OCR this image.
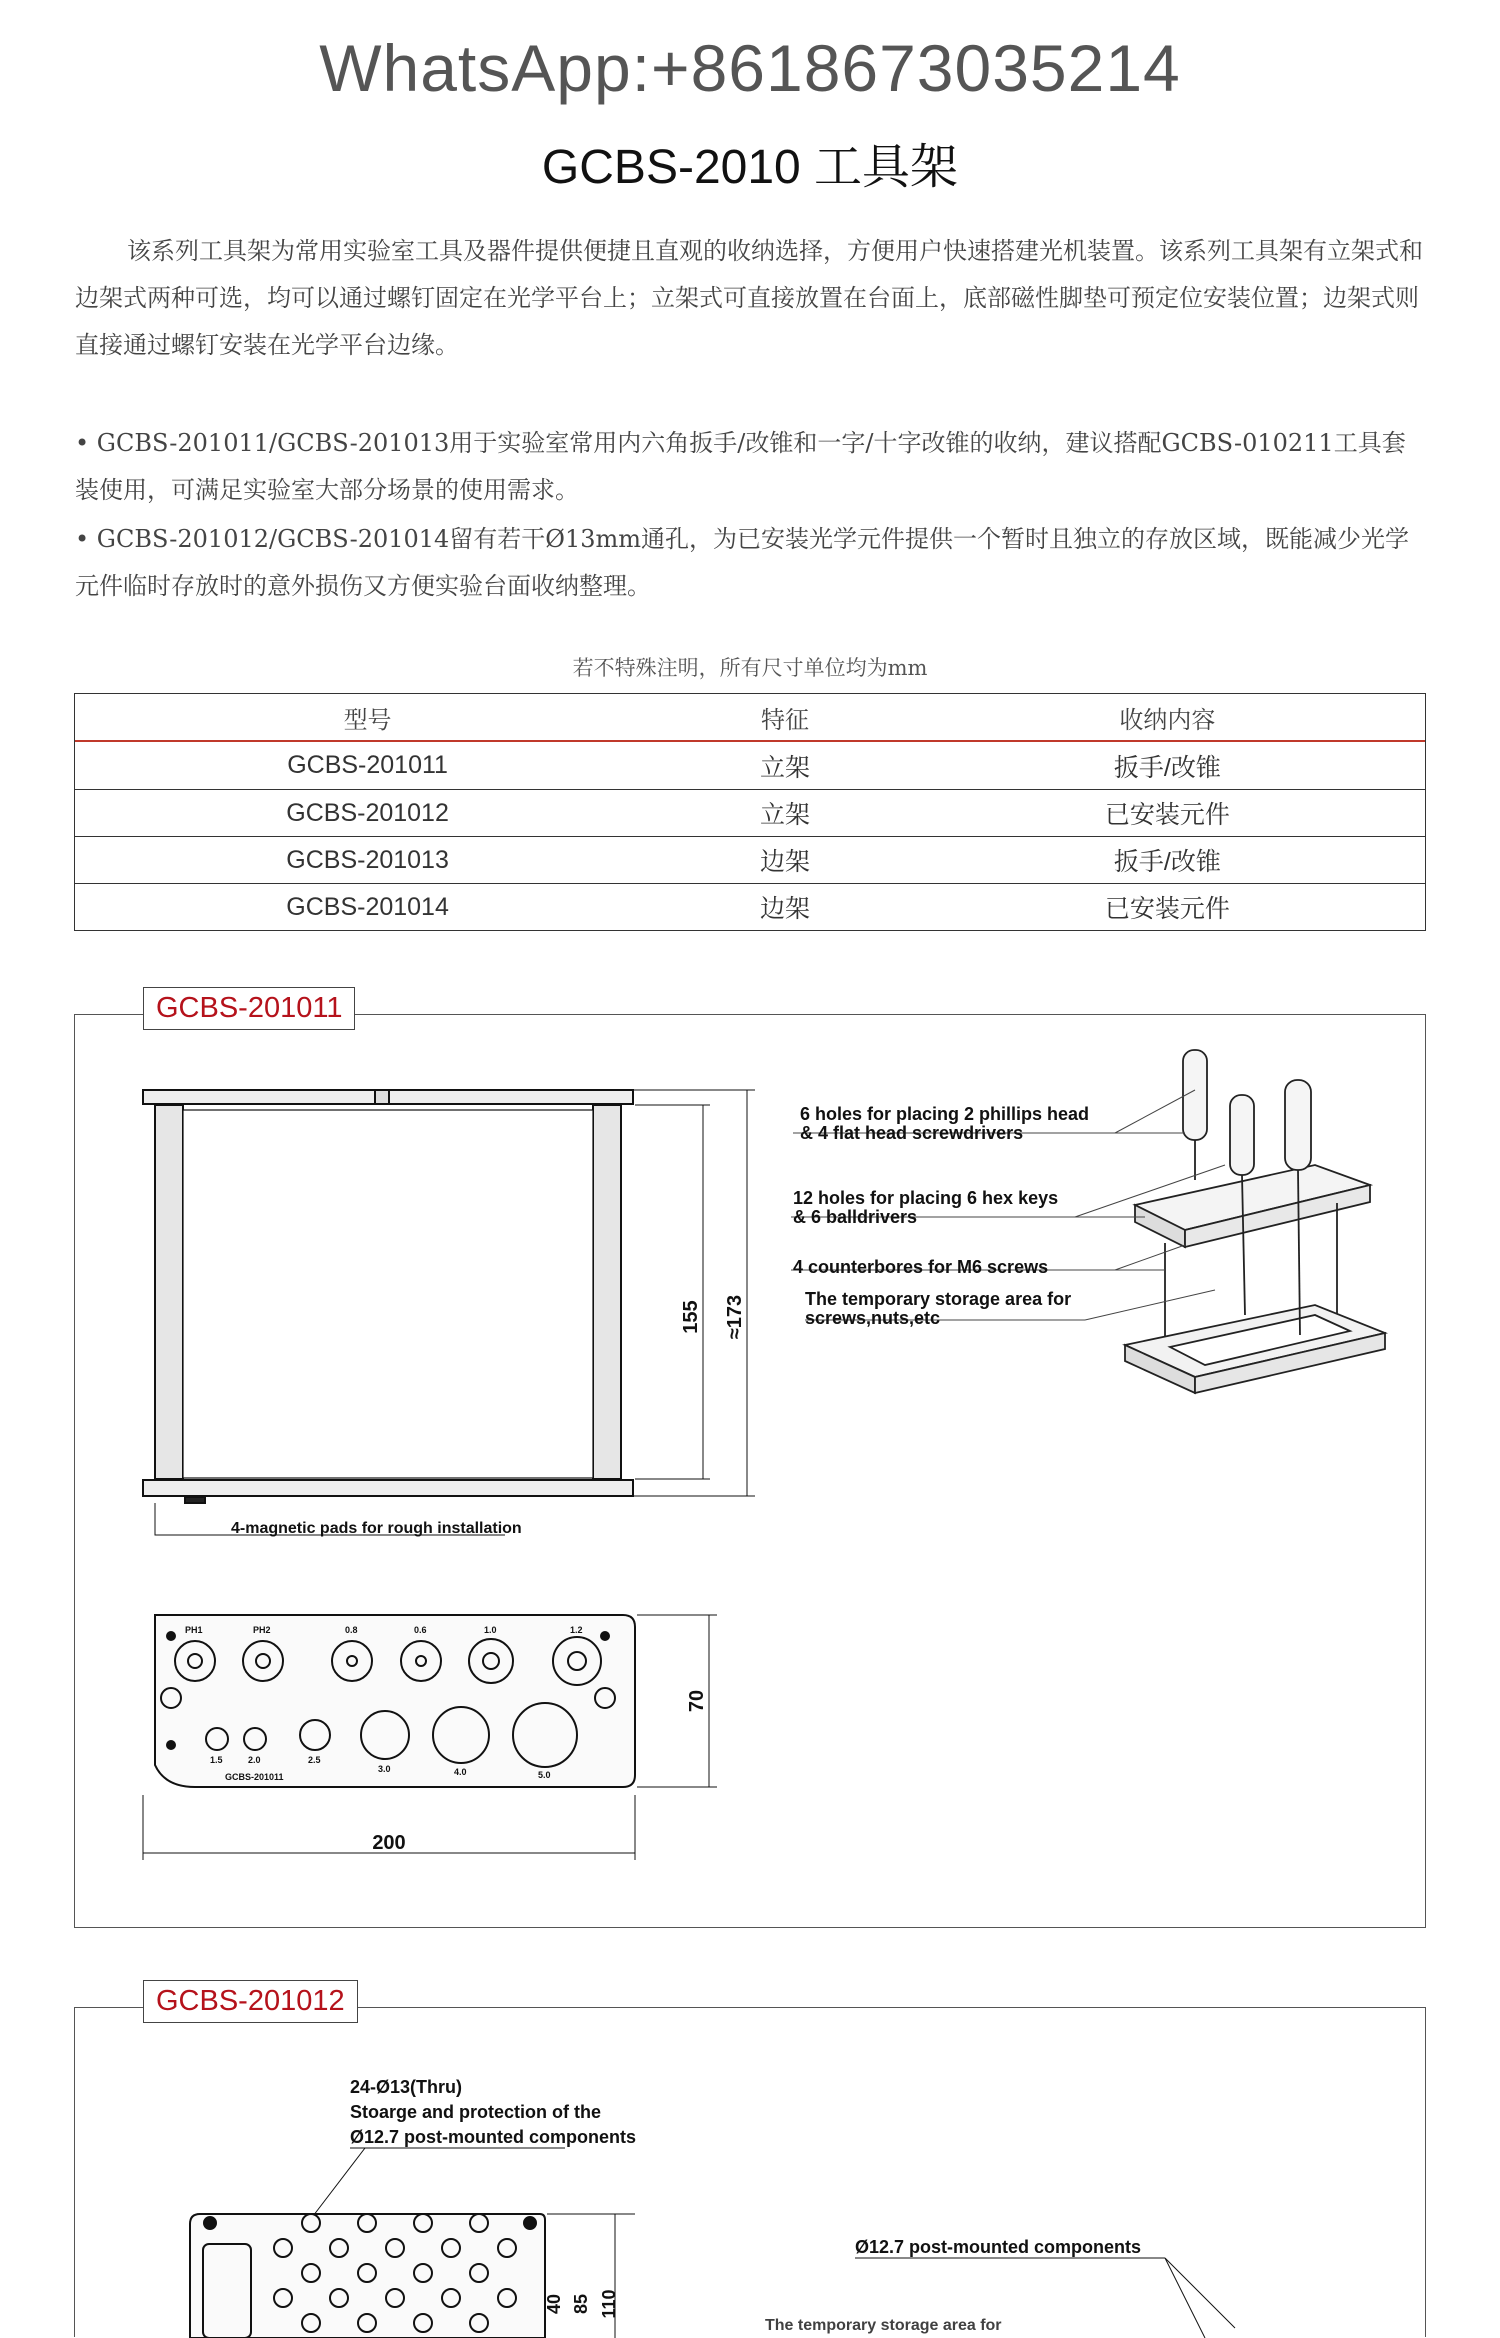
WhatsApp:+8618673035214
GCBS-2010 工具架

该系列工具架为常用实验室工具及器件提供便捷且直观的收纳选择，方便用户快速搭建光机装置。该系列工具架有立架式和边架式两种可选，均可以通过螺钉固定在光学平台上；立架式可直接放置在台面上，底部磁性脚垫可预定位安装位置；边架式则直接通过螺钉安装在光学平台边缘。

• GCBS-201011/GCBS-201013用于实验室常用内六角扳手/改锥和一字/十字改锥的收纳，建议搭配GCBS-010211工具套装使用，可满足实验室大部分场景的使用需求。

• GCBS-201012/GCBS-201014留有若干Ø13mm通孔，为已安装光学元件提供一个暂时且独立的存放区域，既能减少光学元件临时存放时的意外损伤又方便实验台面收纳整理。

若不特殊注明，所有尺寸单位均为mm
型号	特征	收纳内容
GCBS-201011	立架	扳手/改锥
GCBS-201012	立架	已安装元件
GCBS-201013	边架	扳手/改锥
GCBS-201014	边架	已安装元件
GCBS-201011
155 ≈173
4-magnetic pads for rough installation
6 holes for placing 2 phillips head
& 4 flat head screwdrivers
12 holes for placing 6 hex keys
& 6 balldrivers
4 counterbores for M6 screws
The temporary storage area for
screws,nuts,etc
PH1	PH2	0.8	0.6	1.0	1.2
1.5	2.0	2.5
3.0	4.0	5.0
GCBS-201011
70
200
GCBS-201012
24-Ø13(Thru)
Stoarge and protection of the
Ø12.7 post-mounted components
40 85 110
Ø12.7 post-mounted components
The temporary storage area for
